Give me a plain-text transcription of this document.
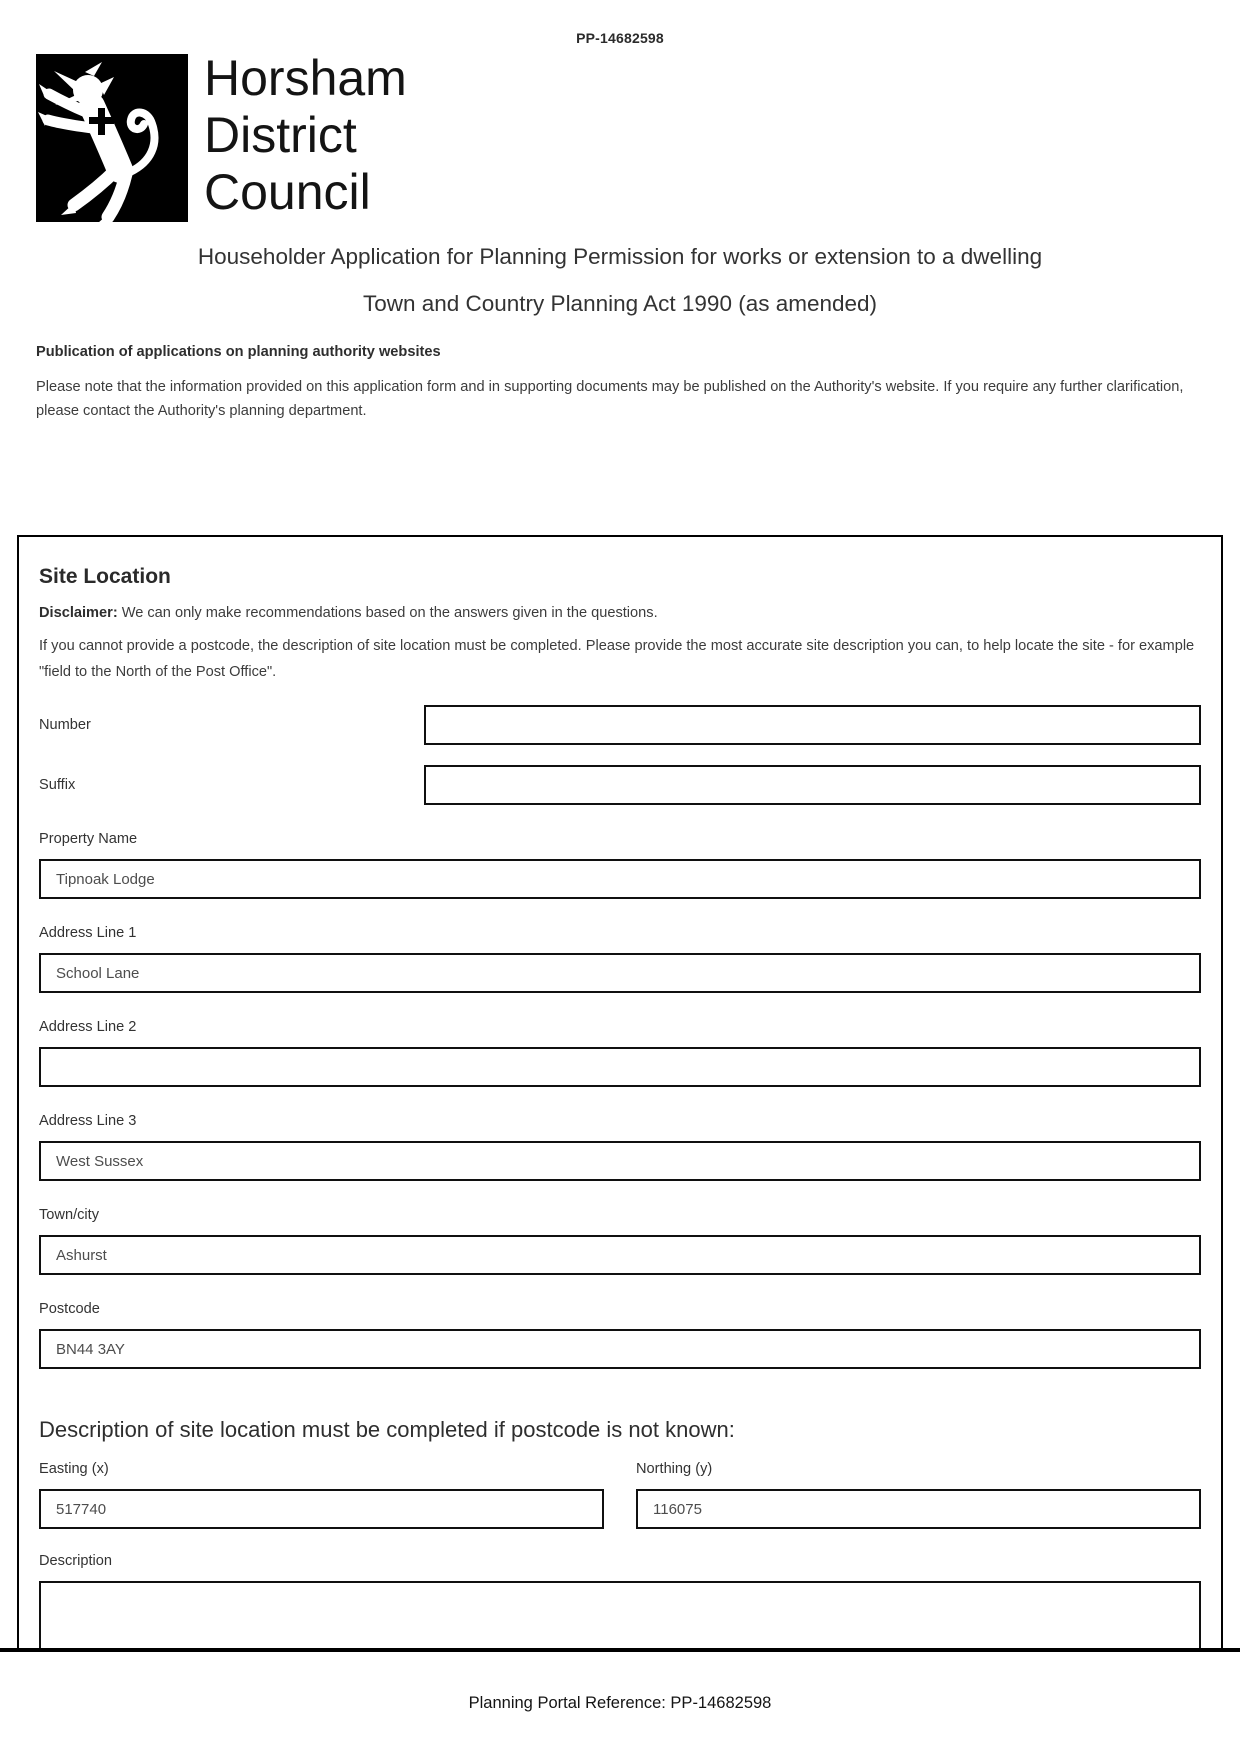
PP-14682598
Horsham
District
Council
Householder Application for Planning Permission for works or extension to a dwelling
Town and Country Planning Act 1990 (as amended)
Publication of applications on planning authority websites
Please note that the information provided on this application form and in supporting documents may be published on the Authority's website. If you require any further clarification, please contact the Authority's planning department.
Site Location

Disclaimer: We can only make recommendations based on the answers given in the questions.

If you cannot provide a postcode, the description of site location must be completed. Please provide the most accurate site description you can, to help locate the site - for example "field to the North of the Post Office".

Number
Suffix
Property Name
Tipnoak Lodge
Address Line 1
School Lane
Address Line 2
Address Line 3
West Sussex
Town/city
Ashurst
Postcode
BN44 3AY
Description of site location must be completed if postcode is not known:
Easting (x)
517740	Northing (y)
116075
Description
Planning Portal Reference: PP-14682598
